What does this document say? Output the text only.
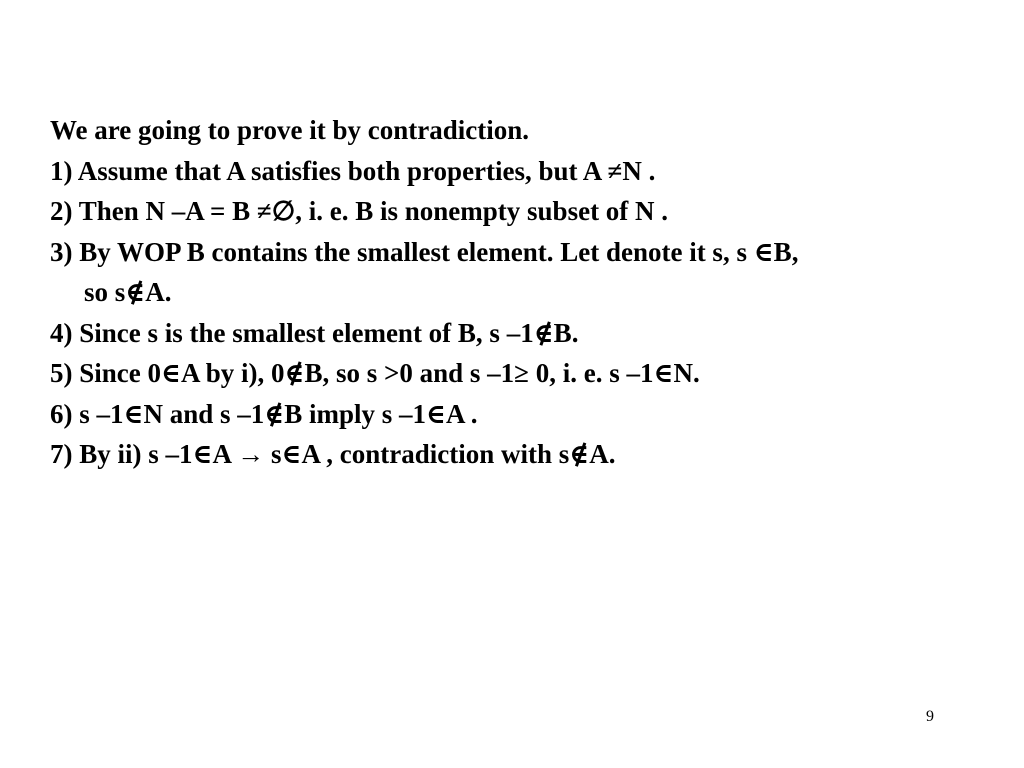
We are going to prove it by contradiction.
1) Assume that A satisfies both properties, but A ≠N .
2) Then N –A = B ≠∅, i. e. B is nonempty subset of N .
3) By WOP B contains the smallest element. Let denote it s, s ∈B,
so s∉A.
4) Since s is the smallest element of B, s –1∉B.
5) Since 0∈A by i), 0∉B, so s >0 and s –1≥ 0, i. e. s –1∈N.
6) s –1∈N and s –1∉B imply s –1∈A .
7) By ii) s –1∈A → s∈A , contradiction with s∉A.
9
